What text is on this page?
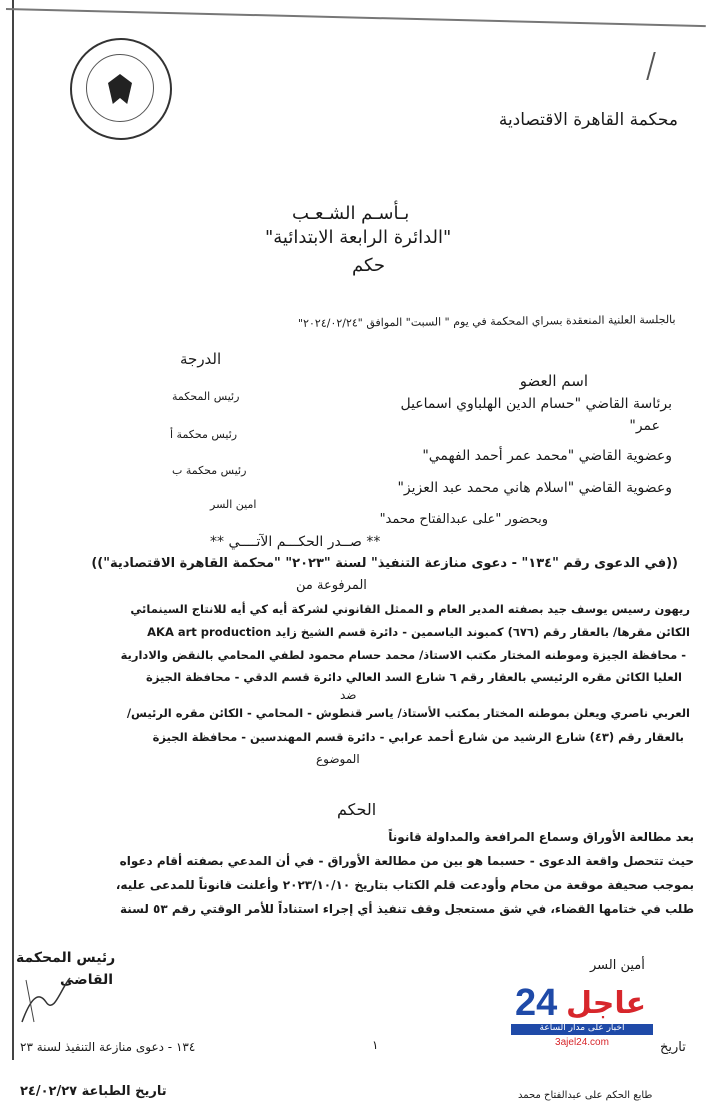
محكمة القاهرة الاقتصادية
بـأسـم الشـعـب
"الدائرة الرابعة الابتدائية"
حكم
بالجلسة العلنية المنعقدة بسراي المحكمة في يوم " السبت" الموافق "٢٠٢٤/٠٢/٢٤"
الدرجة
اسم العضو
برئاسة القاضي "حسام الدين الهلباوي اسماعيل
عمر"
رئيس المحكمة
وعضوية القاضي "محمد عمر أحمد الفهمي"
رئيس محكمة أ
وعضوية القاضي "اسلام هاني محمد عبد العزيز"
رئيس محكمة ب
وبحضور "على عبدالفتاح محمد"
امين السر
** صــدر الحكـــم الآتــــي **
((في الدعوى رقم "١٣٤" - دعوى منازعة التنفيذ" لسنة "٢٠٢٣" "محكمة القاهرة الاقتصادية"))
المرفوعة من
ريهون رسيس يوسف جيد بصفته المدير العام و الممثل القانوني لشركة أيه كي أيه للانتاج السينمائي
AKA art production الكائن مقرها/ بالعقار رقم (٦٧٦) كمبوند الياسمين - دائرة قسم الشيخ زايد
- محافظة الجيزة وموطنه المختار مكتب الاستاذ/ محمد حسام محمود لطفي المحامي بالنقض والادارية
العليا الكائن مقره الرئيسي بالعقار رقم ٦ شارع السد العالي دائرة قسم الدقي - محافظة الجيزة
ضد
العربي ناصري ويعلن بموطنه المختار بمكتب الأستاذ/ ياسر قنطوش - المحامي - الكائن مقره الرئيس/
بالعقار رقم (٤٣) شارع الرشيد من شارع أحمد عرابي - دائرة قسم المهندسين - محافظة الجيزة
الموضوع
الحكم
بعد مطالعة الأوراق وسماع المرافعة والمداولة قانوناً
حيث تتحصل واقعة الدعوى - حسبما هو بين من مطالعة الأوراق - في أن المدعي بصفته أقام دعواه
بموجب صحيفة موقعة من محام وأودعت قلم الكتاب بتاريخ ٢٠٢٣/١٠/١٠ وأعلنت قانوناً للمدعى عليه،
طلب في ختامها القضاء، في شق مستعجل وقف تنفيذ أي إجراء استناداً للأمر الوقتي رقم ٥٣ لسنة
أمين السر
رئيس المحكمة
القاضى
١٣٤ - دعوى منازعة التنفيذ لسنة ٢٣	١
تاريخ الطباعة ٢٤/٠٢/٢٧	طابع الحكم على عبدالفتاح محمد
تاريخ
24 عاجل
أخبار على مدار الساعة
3ajel24.com
